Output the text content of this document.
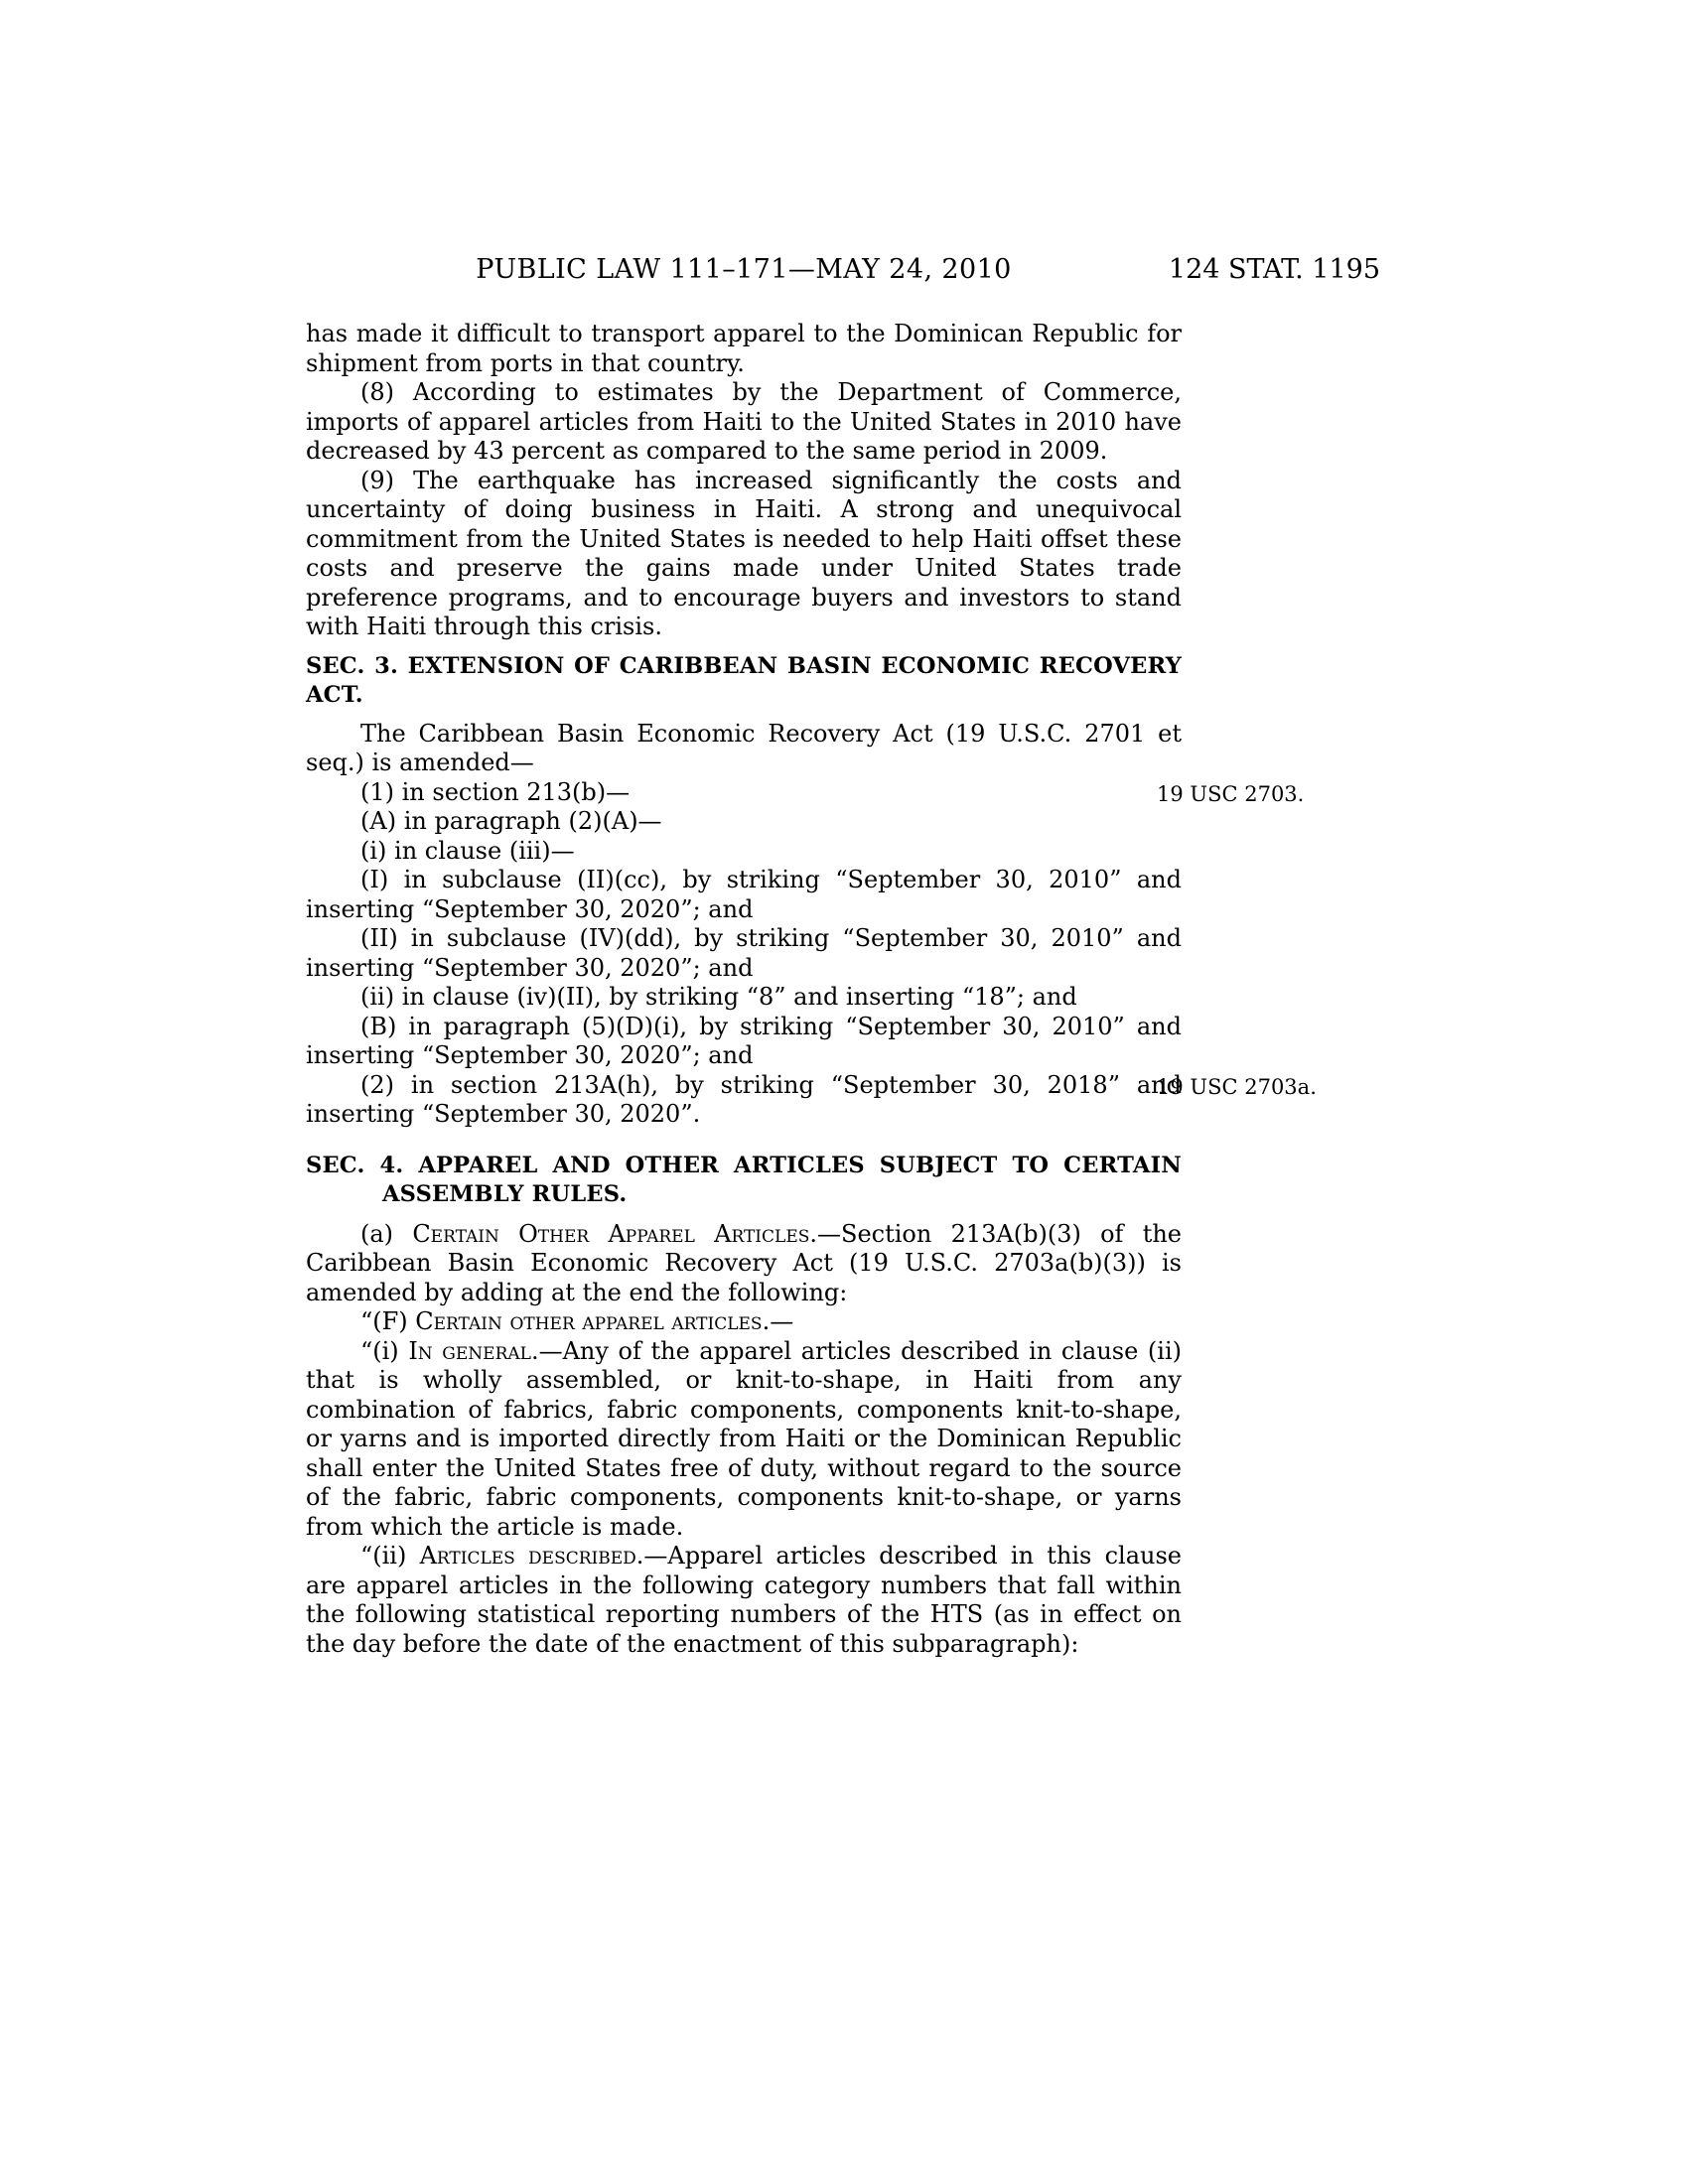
PUBLIC LAW 111–171—MAY 24, 2010	124 STAT. 1195
has made it difficult to transport apparel to the Dominican Republic for shipment from ports in that country.
(8) According to estimates by the Department of Commerce, imports of apparel articles from Haiti to the United States in 2010 have decreased by 43 percent as compared to the same period in 2009.
(9) The earthquake has increased significantly the costs and uncertainty of doing business in Haiti. A strong and unequivocal commitment from the United States is needed to help Haiti offset these costs and preserve the gains made under United States trade preference programs, and to encourage buyers and investors to stand with Haiti through this crisis.
SEC. 3. EXTENSION OF CARIBBEAN BASIN ECONOMIC RECOVERY ACT.
The Caribbean Basin Economic Recovery Act (19 U.S.C. 2701 et seq.) is amended—
(1) in section 213(b)—	19 USC 2703.
(A) in paragraph (2)(A)—
(i) in clause (iii)—
(I) in subclause (II)(cc), by striking “September 30, 2010” and inserting “September 30, 2020”; and
(II) in subclause (IV)(dd), by striking “September 30, 2010” and inserting “September 30, 2020”; and
(ii) in clause (iv)(II), by striking “8” and inserting “18”; and
(B) in paragraph (5)(D)(i), by striking “September 30, 2010” and inserting “September 30, 2020”; and
(2) in section 213A(h), by striking “September 30, 2018” and inserting “September 30, 2020”.
19 USC 2703a.
SEC. 4. APPAREL AND OTHER ARTICLES SUBJECT TO CERTAIN ASSEMBLY RULES.
(a) Certain Other Apparel Articles.—Section 213A(b)(3) of the Caribbean Basin Economic Recovery Act (19 U.S.C. 2703a(b)(3)) is amended by adding at the end the following:
“(F) Certain other apparel articles.—
“(i) In general.—Any of the apparel articles described in clause (ii) that is wholly assembled, or knit-to-shape, in Haiti from any combination of fabrics, fabric components, components knit-to-shape, or yarns and is imported directly from Haiti or the Dominican Republic shall enter the United States free of duty, without regard to the source of the fabric, fabric components, components knit-to-shape, or yarns from which the article is made.
“(ii) Articles described.—Apparel articles described in this clause are apparel articles in the following category numbers that fall within the following statistical reporting numbers of the HTS (as in effect on the day before the date of the enactment of this subparagraph):
